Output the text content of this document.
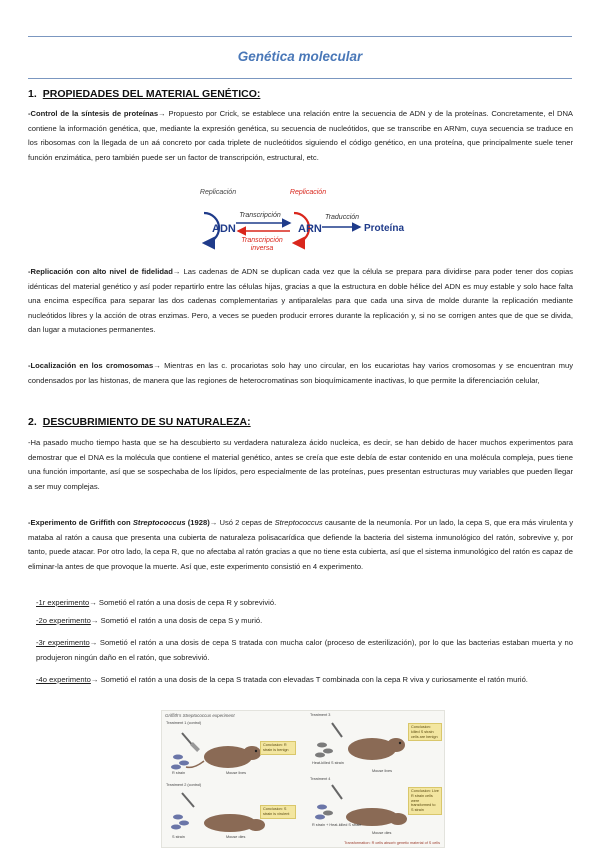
Genética molecular
1. PROPIEDADES DEL MATERIAL GENÉTICO:
-Control de la síntesis de proteínas→ Propuesto por Crick, se establece una relación entre la secuencia de ADN y de la proteínas. Concretamente, el DNA contiene la información genética, que, mediante la expresión genética, su secuencia de nucleótidos, que se transcribe en ARNm, cuya secuencia se traduce en los ribosomas con la llegada de un aá concreto por cada triplete de nucleótidos siguiendo el código genético, en una proteína, que principalmente suele tener función enzimática, pero también puede ser un factor de transcripción, estructural, etc.
Replicación	Replicación
ADN	ARN
Transcripción
Transcripción
inversa
Traducción
Proteína
-Replicación con alto nivel de fidelidad→ Las cadenas de ADN se duplican cada vez que la célula se prepara para dividirse para poder tener dos copias idénticas del material genético y así poder repartirlo entre las células hijas, gracias a que la estructura en doble hélice del ADN es muy estable y solo hace falta una encima específica para separar las dos cadenas complementarias y antiparalelas para que cada una sirva de molde durante la replicación mediante nucleótidos libres y la acción de otras enzimas. Pero, a veces se pueden producir errores durante la replicación y, si no se corrigen antes que de que se divida, dan lugar a mutaciones permanentes.
-Localización en los cromosomas→ Mientras en las c. procariotas solo hay uno circular, en los eucariotas hay varios cromosomas y se encuentran muy condensados por las histonas, de manera que las regiones de heterocromatinas son bioquímicamente inactivas, lo que permite la diferenciación celular,
2. DESCUBRIMIENTO DE SU NATURALEZA:
-Ha pasado mucho tiempo hasta que se ha descubierto su verdadera naturaleza ácido nucleica, es decir, se han debido de hacer muchos experimentos para demostrar que el DNA es la molécula que contiene el material genético, antes se creía que este debía de estar contenido en una molécula compleja, pues tiene una función importante, así que se sospechaba de los lípidos, pero especialmente de las proteínas, pues presentan estructuras muy variables que pueden llegar a ser muy complejas.
-Experimento de Griffith con Streptococcus (1928)→ Usó 2 cepas de Streptococcus causante de la neumonía. Por un lado, la cepa S, que era más virulenta y mataba al ratón a causa que presenta una cubierta de naturaleza polisacarídica que defiende la bacteria del sistema inmunológico del ratón, sobrevive y, por tanto, puede atacar. Por otro lado, la cepa R, que no afectaba al ratón gracias a que no tiene esta cubierta, así que el sistema inmunológico del ratón es capaz de eliminar-la antes de que provoque la muerte. Así que, este experimento consistió en 4 experimento.
-1r experimento→ Sometió el ratón a una dosis de cepa R y sobrevivió.
-2o experimento→ Sometió el ratón a una dosis de cepa S y murió.
-3r experimento→ Sometió el ratón a una dosis de cepa S tratada con mucha calor (proceso de esterilización), por lo que las bacterias estaban muerta y no produjeron ningún daño en el ratón, que sobrevivió.
-4o experimento→ Sometió el ratón a una dosis de la cepa S tratada con elevadas T combinada con la cepa R viva y curiosamente el ratón murió.
Griffith's Streptococcus experiment
Treatment 1 (control)
R strain	Mouse lives
Conclusion: R strain is benign
Treatment 3
Heat-killed S strain
Mouse lives
Conclusion: killed S strain cells are benign
Treatment 2 (control)
S strain	Mouse dies
Conclusion: S strain is virulent
Treatment 4
R strain + Heat-killed S strain
Mouse dies
Conclusion: Live R strain cells were transformed to S strain
Transformation: R cells absorb genetic material of S cells
